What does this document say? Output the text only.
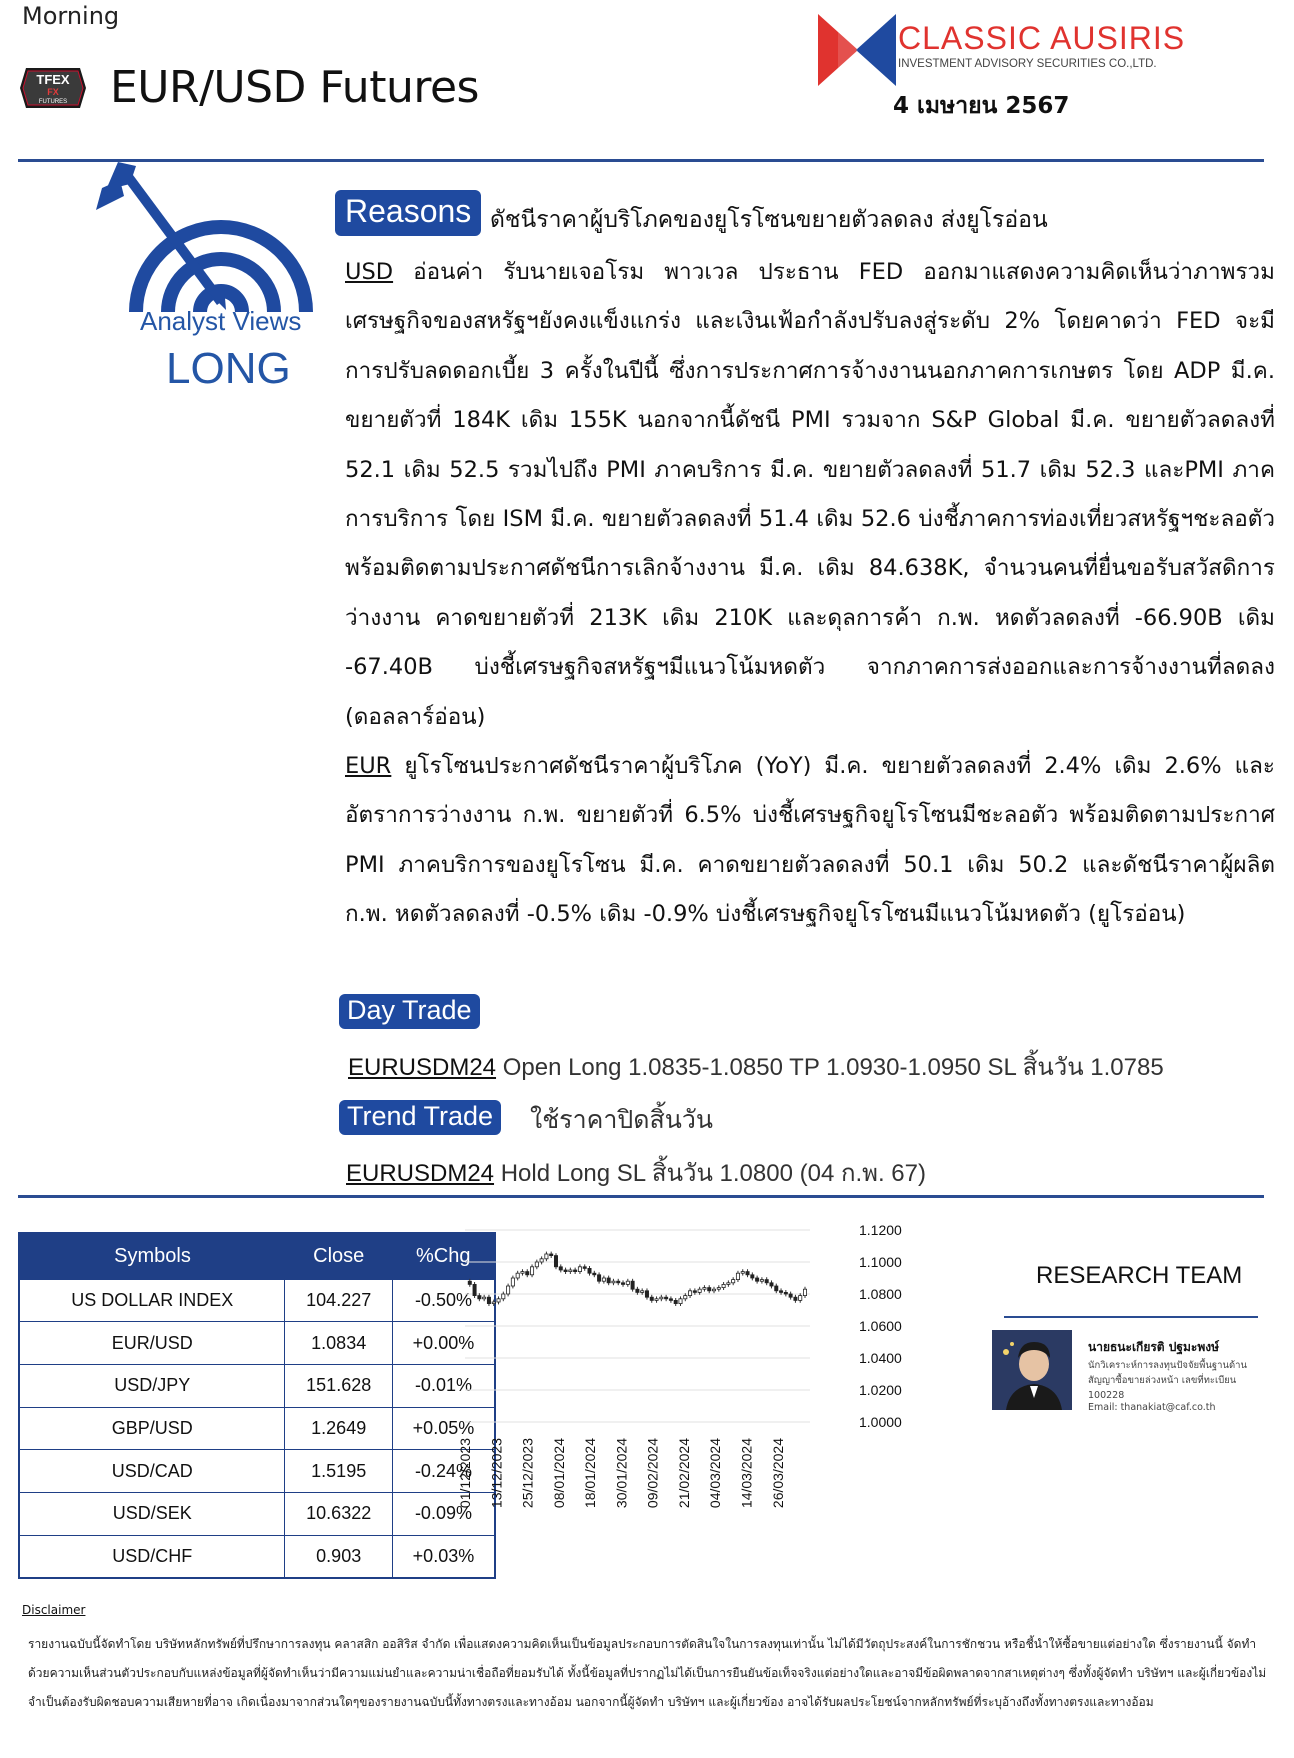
Morning
TFEX
FX
FUTURES EUR/USD Futures
CLASSIC AUSIRIS
INVESTMENT ADVISORY SECURITIES CO.,LTD.
4 เมษายน 2567
Analyst Views
LONG
Reasons ดัชนีราคาผู้บริโภคของยูโรโซนขยายตัวลดลง ส่งยูโรอ่อน
USD อ่อนค่า รับนายเจอโรม พาวเวล ประธาน FED ออกมาแสดงความคิดเห็นว่าภาพรวมเศรษฐกิจของสหรัฐฯยังคงแข็งแกร่ง และเงินเฟ้อกำลังปรับลงสู่ระดับ 2% โดยคาดว่า FED จะมีการปรับลดดอกเบี้ย 3 ครั้งในปีนี้ ซึ่งการประกาศการจ้างงานนอกภาคการเกษตร โดย ADP มี.ค. ขยายตัวที่ 184K เดิม 155K นอกจากนี้ดัชนี PMI รวมจาก S&P Global มี.ค. ขยายตัวลดลงที่ 52.1 เดิม 52.5 รวมไปถึง PMI ภาคบริการ มี.ค. ขยายตัวลดลงที่ 51.7 เดิม 52.3 และPMI ภาคการบริการ โดย ISM มี.ค. ขยายตัวลดลงที่ 51.4 เดิม 52.6 บ่งชี้ภาคการท่องเที่ยวสหรัฐฯชะลอตัว พร้อมติดตามประกาศดัชนีการเลิกจ้างงาน มี.ค. เดิม 84.638K, จำนวนคนที่ยื่นขอรับสวัสดิการว่างงาน คาดขยายตัวที่ 213K เดิม 210K และดุลการค้า ก.พ. หดตัวลดลงที่ -66.90B เดิม -67.40B บ่งชี้เศรษฐกิจสหรัฐฯมีแนวโน้มหดตัว จากภาคการส่งออกและการจ้างงานที่ลดลง (ดอลลาร์อ่อน)
EUR ยูโรโซนประกาศดัชนีราคาผู้บริโภค (YoY) มี.ค. ขยายตัวลดลงที่ 2.4% เดิม 2.6% และอัตราการว่างงาน ก.พ. ขยายตัวที่ 6.5% บ่งชี้เศรษฐกิจยูโรโซนมีชะลอตัว พร้อมติดตามประกาศ PMI ภาคบริการของยูโรโซน มี.ค. คาดขยายตัวลดลงที่ 50.1 เดิม 50.2 และดัชนีราคาผู้ผลิต ก.พ. หดตัวลดลงที่ -0.5% เดิม -0.9% บ่งชี้เศรษฐกิจยูโรโซนมีแนวโน้มหดตัว (ยูโรอ่อน)
Day Trade
EURUSDM24 Open Long 1.0835-1.0850 TP 1.0930-1.0950 SL สิ้นวัน 1.0785
Trend Trade	ใช้ราคาปิดสิ้นวัน
EURUSDM24 Hold Long SL สิ้นวัน 1.0800 (04 ก.พ. 67)
Symbols	Close	%Chg
US DOLLAR INDEX	104.227	-0.50%
EUR/USD	1.0834	+0.00%
USD/JPY	151.628	-0.01%
GBP/USD	1.2649	+0.05%
USD/CAD	1.5195	-0.24%
USD/SEK	10.6322	-0.09%
USD/CHF	0.903	+0.03%
1.1200
1.1000
1.0800
1.0600
1.0400
1.0200
1.0000
01/12/2023 13/12/2023 25/12/2023 08/01/2024 18/01/2024 30/01/2024 09/02/2024 21/02/2024 04/03/2024 14/03/2024 26/03/2024
RESEARCH TEAM
นายธนะเกียรติ ปฐมะพงษ์
นักวิเคราะห์การลงทุนปัจจัยพื้นฐานด้านสัญญาซื้อขายล่วงหน้า เลขที่ทะเบียน 100228
Email: thanakiat@caf.co.th
Disclaimer
รายงานฉบับนี้จัดทำโดย บริษัทหลักทรัพย์ที่ปรึกษาการลงทุน คลาสสิก ออสิริส จำกัด เพื่อแสดงความคิดเห็นเป็นข้อมูลประกอบการตัดสินใจในการลงทุนเท่านั้น ไม่ได้มีวัตถุประสงค์ในการชักชวน หรือชี้นำให้ซื้อขายแต่อย่างใด ซึ่งรายงานนี้ จัดทำด้วยความเห็นส่วนตัวประกอบกับแหล่งข้อมูลที่ผู้จัดทำเห็นว่ามีความแม่นยำและความน่าเชื่อถือที่ยอมรับได้ ทั้งนี้ข้อมูลที่ปรากฏไม่ได้เป็นการยืนยันข้อเท็จจริงแต่อย่างใดและอาจมีข้อผิดพลาดจากสาเหตุต่างๆ ซึ่งทั้งผู้จัดทำ บริษัทฯ และผู้เกี่ยวข้องไม่จำเป็นต้องรับผิดชอบความเสียหายที่อาจ เกิดเนื่องมาจากส่วนใดๆของรายงานฉบับนี้ทั้งทางตรงและทางอ้อม นอกจากนี้ผู้จัดทำ บริษัทฯ และผู้เกี่ยวข้อง อาจได้รับผลประโยชน์จากหลักทรัพย์ที่ระบุอ้างถึงทั้งทางตรงและทางอ้อม
